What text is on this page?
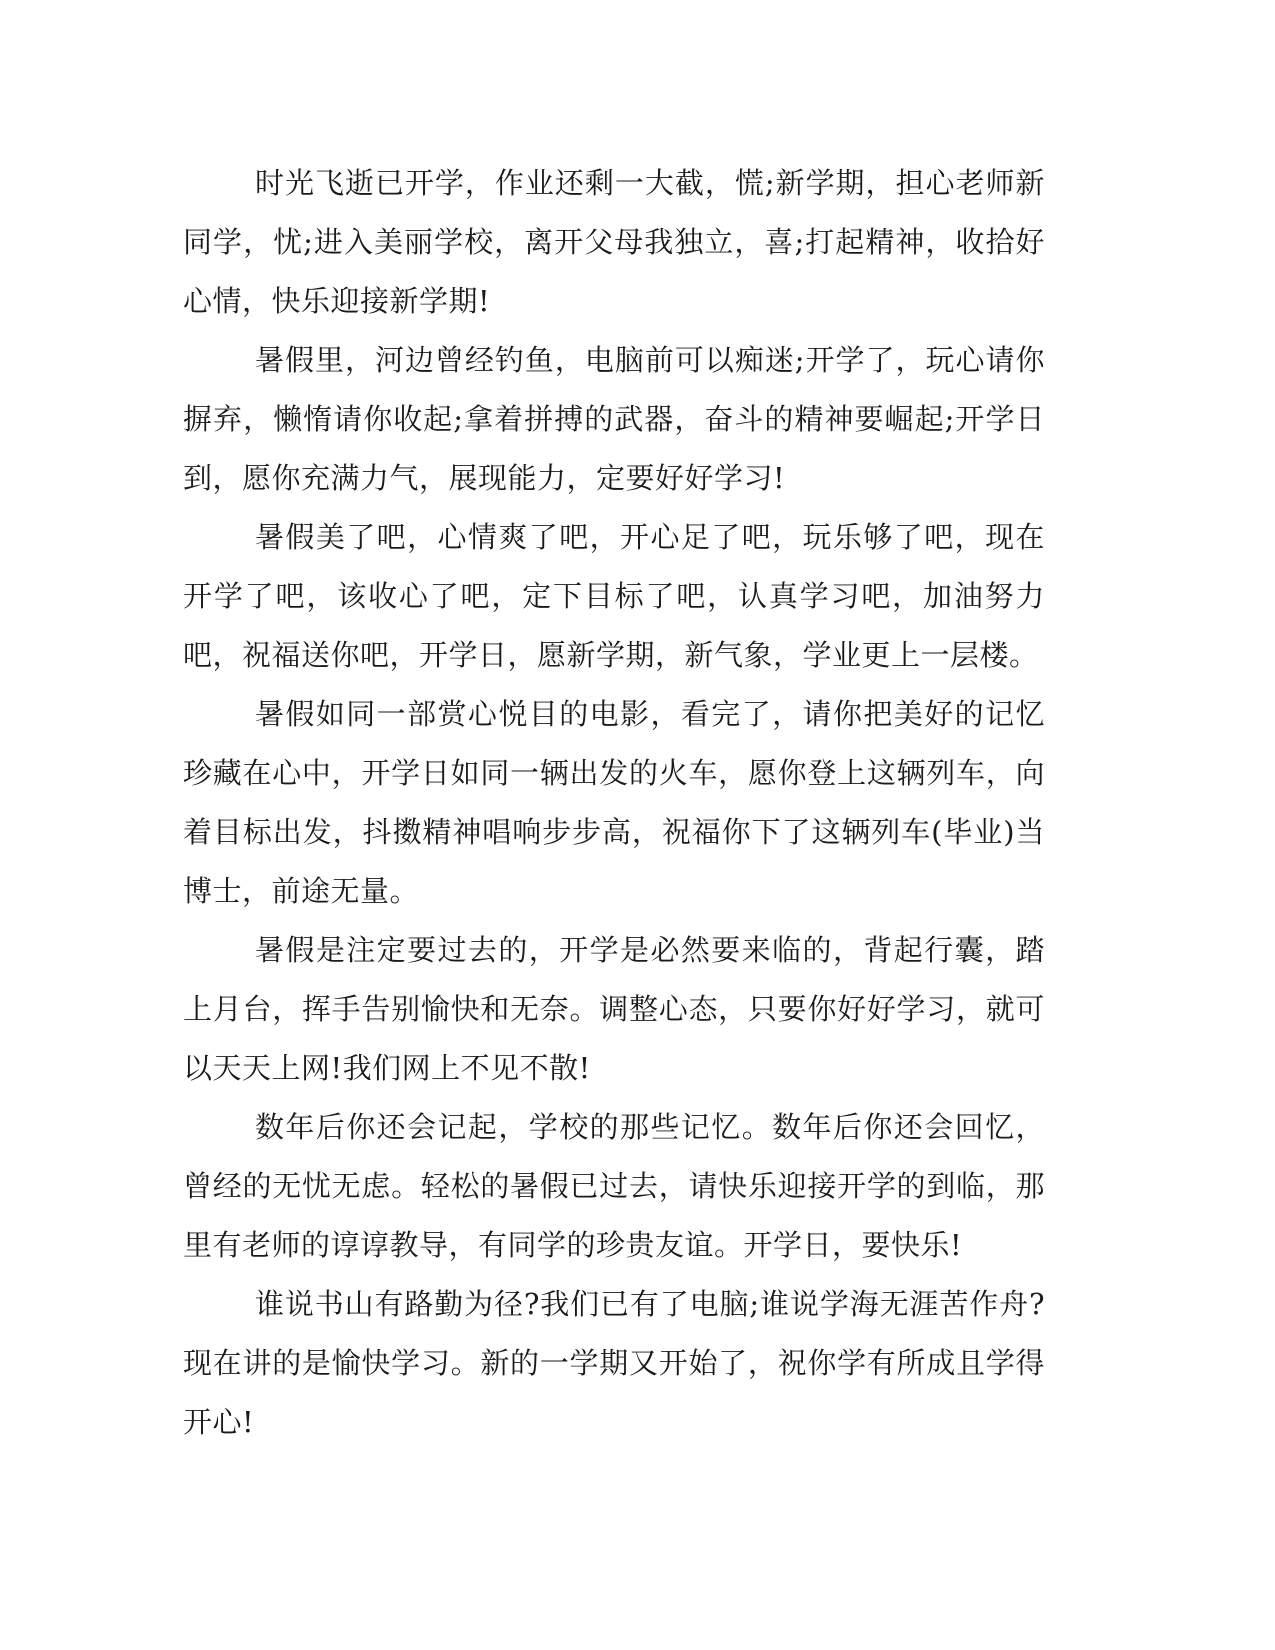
时光飞逝已开学，作业还剩一大截，慌;新学期，担心老师新同学，忧;进入美丽学校，离开父母我独立，喜;打起精神，收拾好心情，快乐迎接新学期!

暑假里，河边曾经钓鱼，电脑前可以痴迷;开学了，玩心请你摒弃，懒惰请你收起;拿着拼搏的武器，奋斗的精神要崛起;开学日到，愿你充满力气，展现能力，定要好好学习!

暑假美了吧，心情爽了吧，开心足了吧，玩乐够了吧，现在开学了吧，该收心了吧，定下目标了吧，认真学习吧，加油努力吧，祝福送你吧，开学日，愿新学期，新气象，学业更上一层楼。

暑假如同一部赏心悦目的电影，看完了，请你把美好的记忆珍藏在心中，开学日如同一辆出发的火车，愿你登上这辆列车，向着目标出发，抖擞精神唱响步步高，祝福你下了这辆列车(毕业)当博士，前途无量。

暑假是注定要过去的，开学是必然要来临的，背起行囊，踏上月台，挥手告别愉快和无奈。调整心态，只要你好好学习，就可以天天上网!我们网上不见不散!

数年后你还会记起，学校的那些记忆。数年后你还会回忆，曾经的无忧无虑。轻松的暑假已过去，请快乐迎接开学的到临，那里有老师的谆谆教导，有同学的珍贵友谊。开学日，要快乐!

谁说书山有路勤为径?我们已有了电脑;谁说学海无涯苦作舟?现在讲的是愉快学习。新的一学期又开始了，祝你学有所成且学得开心!
